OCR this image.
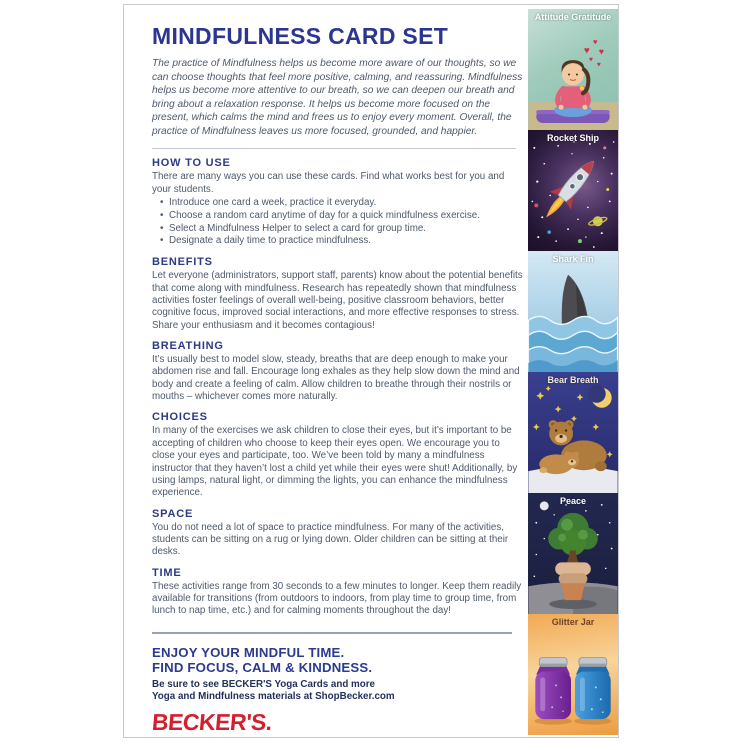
MINDFULNESS CARD SET

The practice of Mindfulness helps us become more aware of our thoughts, so we can choose thoughts that feel more positive, calming, and reassuring. Mindfulness helps us become more attentive to our breath, so we can deepen our breath and bring about a relaxation response. It helps us become more focused on the present, which calms the mind and frees us to enjoy every moment. Overall, the practice of Mindfulness leaves us more focused, grounded, and happier.

HOW TO USE

There are many ways you can use these cards. Find what works best for you and your students.

• Introduce one card a week, practice it everyday.
• Choose a random card anytime of day for a quick mindfulness exercise.
• Select a Mindfulness Helper to select a card for group time.
• Designate a daily time to practice mindfulness.
BENEFITS

Let everyone (administrators, support staff, parents) know about the potential benefits that come along with mindfulness. Research has repeatedly shown that mindfulness activities foster feelings of overall well-being, positive classroom behaviors, better cognitive focus, improved social interactions, and more effective responses to stress. Share your enthusiasm and it becomes contagious!

BREATHING

It’s usually best to model slow, steady, breaths that are deep enough to make your abdomen rise and fall. Encourage long exhales as they help slow down the mind and body and create a feeling of calm. Allow children to breathe through their nostrils or mouths – whichever comes more naturally.

CHOICES

In many of the exercises we ask children to close their eyes, but it’s important to be accepting of children who choose to keep their eyes open. We encourage you to close your eyes and participate, too. We’ve been told by many a mindfulness instructor that they haven’t lost a child yet while their eyes were shut! Additionally, by using lamps, natural light, or dimming the lights, you can enhance the mindfulness experience.

SPACE

You do not need a lot of space to practice mindfulness. For many of the activities, students can be sitting on a rug or lying down. Older children can be sitting at their desks.

TIME

These activities range from 30 seconds to a few minutes to longer. Keep them readily available for transitions (from outdoors to indoors, from play time to group time, from lunch to nap time, etc.) and for calming moments throughout the day!

ENJOY YOUR MINDFUL TIME.
FIND FOCUS, CALM & KINDNESS.
Be sure to see BECKER'S Yoga Cards and more
Yoga and Mindfulness materials at ShopBecker.com
BECKER'S.
♥
♥
♥
♥
♥
Attitude Gratitude
Rocket Ship
Shark Fin
Bear Breath
Peace
Glitter Jar
